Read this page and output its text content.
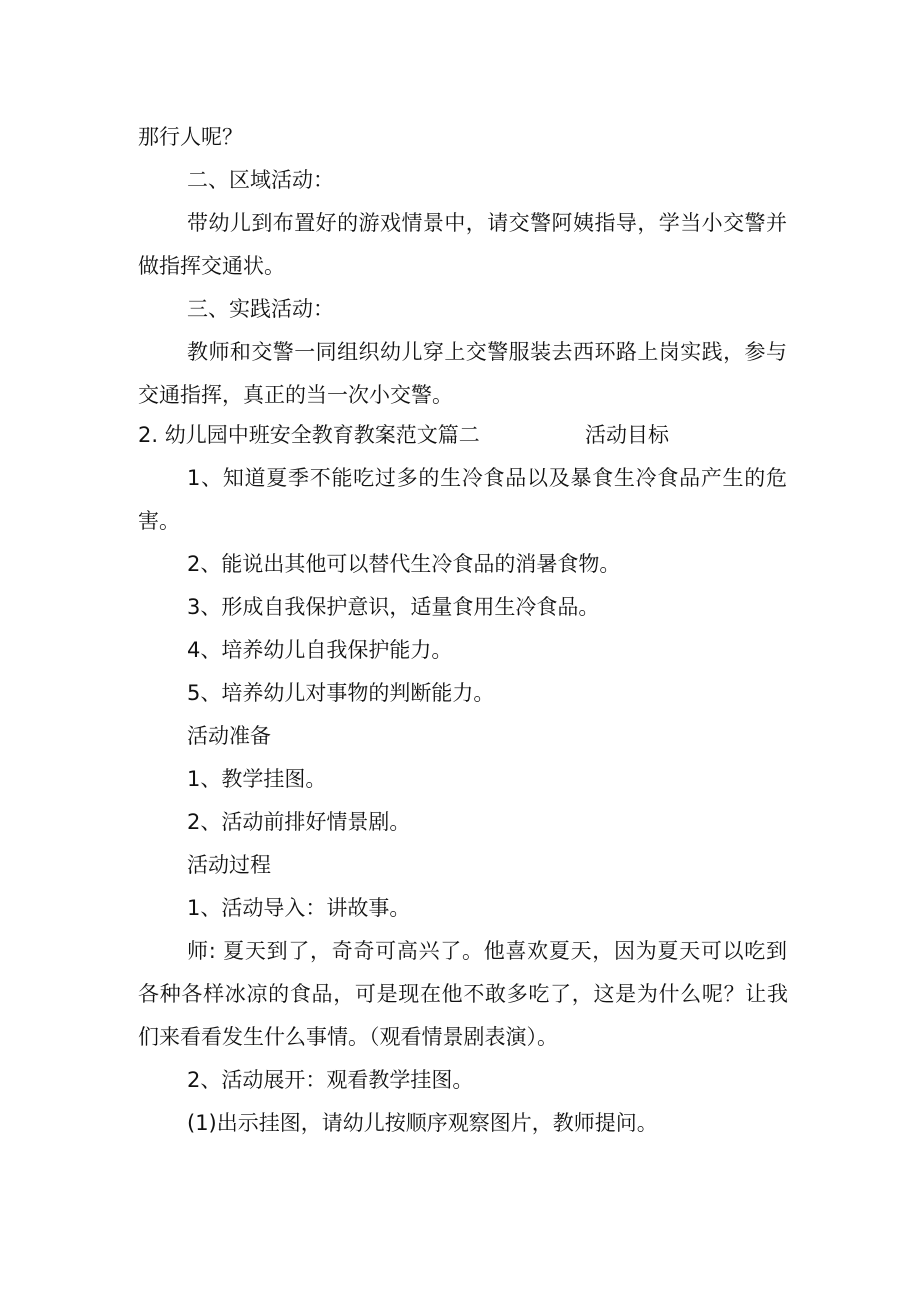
那行人呢？
二、区域活动：
带幼儿到布置好的游戏情景中，请交警阿姨指导，学当小交警并
做指挥交通状。
三、实践活动：
教师和交警一同组织幼儿穿上交警服装去西环路上岗实践，参与
交通指挥，真正的当一次小交警。
2. 幼儿园中班安全教育教案范文篇二	活动目标
1、知道夏季不能吃过多的生冷食品以及暴食生冷食品产生的危
害。
2、能说出其他可以替代生冷食品的消暑食物。
3、形成自我保护意识，适量食用生冷食品。
4、培养幼儿自我保护能力。
5、培养幼儿对事物的判断能力。
活动准备
1、教学挂图。
2、活动前排好情景剧。
活动过程
1、活动导入：讲故事。
师: 夏天到了，奇奇可高兴了。他喜欢夏天，因为夏天可以吃到
各种各样冰凉的食品，可是现在他不敢多吃了，这是为什么呢？让我
们来看看发生什么事情。（观看情景剧表演）。
2、活动展开：观看教学挂图。
(1)出示挂图，请幼儿按顺序观察图片，教师提问。
